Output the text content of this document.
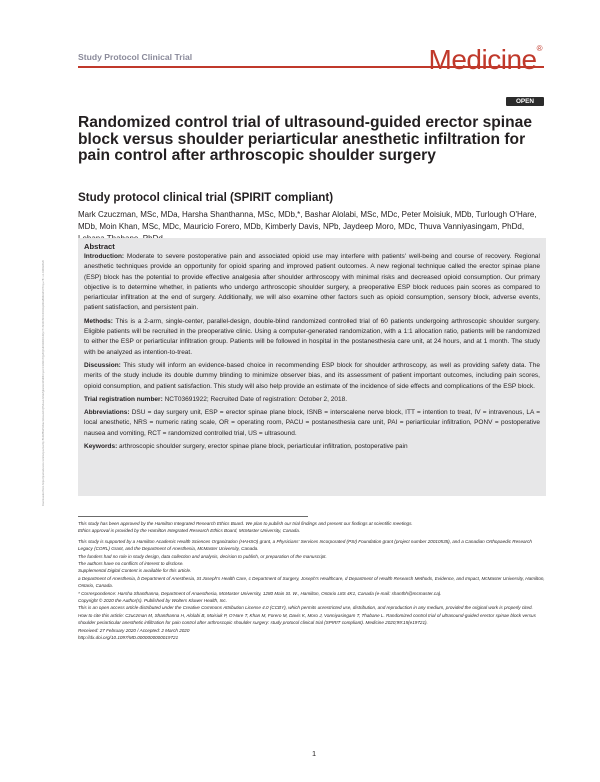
Downloaded from https://journals.lww.com/md-journal by BhDMf5ePHKav1zEoum1tQfN4a+kJLhEZgbsIHo4XMi0hCywCX1AWnYQp/IlQrHD3i3D0OdRyi7TvSFl4Cf3VC4/OAVpDDa8KKGKV0Ymy+78= on 04/04/2020
Study Protocol Clinical Trial	Medicine®
OPEN
Randomized control trial of ultrasound-guided erector spinae block versus shoulder periarticular anesthetic infiltration for pain control after arthroscopic shoulder surgery
Study protocol clinical trial (SPIRIT compliant)
Mark Czuczman, MSc, MDa, Harsha Shanthanna, MSc, MDb,*, Bashar Alolabi, MSc, MDc, Peter Moisiuk, MDb, Turlough O'Hare, MDb, Moin Khan, MSc, MDc, Mauricio Forero, MDb, Kimberly Davis, NPb, Jaydeep Moro, MDc, Thuva Vanniyasingam, PhDd,
Abstract
Introduction: Moderate to severe postoperative pain and associated opioid use may interfere with patients' well-being and course of recovery. Regional anesthetic techniques provide an opportunity for opioid sparing and improved patient outcomes. A new regional technique called the erector spinae plane (ESP) block has the potential to provide effective analgesia after shoulder arthroscopy with minimal risks and decreased opioid consumption. Our primary objective is to determine whether, in patients who undergo arthroscopic shoulder surgery, a preoperative ESP block reduces pain scores as compared to periarticular infiltration at the end of surgery. Additionally, we will also examine other factors such as opioid consumption, sensory block, adverse events, patient satisfaction, and persistent pain.
Methods: This is a 2-arm, single-center, parallel-design, double-blind randomized controlled trial of 60 patients undergoing arthroscopic shoulder surgery. Eligible patients will be recruited in the preoperative clinic. Using a computer-generated randomization, with a 1:1 allocation ratio, patients will be randomized to either the ESP or periarticular infiltration group. Patients will be followed in hospital in the postanesthesia care unit, at 24 hours, and at 1 month. The study with be analyzed as intention-to-treat.
Discussion: This study will inform an evidence-based choice in recommending ESP block for shoulder arthroscopy, as well as providing safety data. The merits of the study include its double dummy blinding to minimize observer bias, and its assessment of patient important outcomes, including pain scores, opioid consumption, and patient satisfaction. This study will also help provide an estimate of the incidence of side effects and complications of the ESP block.
Trial registration number: NCT03691922; Recruited Date of registration: October 2, 2018.
Abbreviations: DSU = day surgery unit, ESP = erector spinae plane block, ISNB = interscalene nerve block, ITT = intention to treat, IV = intravenous, LA = local anesthetic, NRS = numeric rating scale, OR = operating room, PACU = postanesthesia care unit, PAI = periarticular infiltration, PONV = postoperative nausea and vomiting, RCT = randomized controlled trial, US = ultrasound.
Keywords: arthroscopic shoulder surgery, erector spinae plane block, periarticular infiltration, postoperative pain
This study has been approved by the Hamilton Integrated Research Ethics Board. We plan to publish our trial findings and present our findings at scientific meetings.
Ethics approval is provided by the Hamilton Integrated Research Ethics Board, McMaster University, Canada.
This study is supported by a Hamilton Academic Health Sciences Organization (HAHSO) grant, a Physicians' Services Incorporated (PSI) Foundation grant (project number 20010535), and a Canadian Orthopaedic Research Legacy (CORL) Grant, and the Department of Anesthesia, McMaster University, Canada.
The funders had no role in study design, data collection and analysis, decision to publish, or preparation of the manuscript.
The authors have no conflicts of interest to disclose.
Supplemental Digital Content is available for this article.
a Department of Anesthesia, b Department of Anesthesia, St Joseph's Health Care, c Department of Surgery, Joseph's Healthcare, d Department of Health Research Methods, Evidence, and Impact, McMaster University, Hamilton, Ontario, Canada.
* Correspondence: Harsha Shanthanna, Department of Anaesthesia, McMaster University, 1280 Main St. W., Hamilton, Ontario L8S 4K1, Canada (e-mail: shanthh@mcmaster.ca).
Copyright © 2020 the Author(s). Published by Wolters Kluwer Health, Inc.
This is an open access article distributed under the Creative Commons Attribution License 4.0 (CCBY), which permits unrestricted use, distribution, and reproduction in any medium, provided the original work is properly cited.
How to cite this article: Czuczman M, Shanthanna H, Alolabi B, Moisiuk P, O'Hare T, Khan M, Forero M, Davis K, Moro J, Vanniyasingam T, Thabane L. Randomized control trial of ultrasound-guided erector spinae block versus shoulder periarticular anesthetic infiltration for pain control after arthroscopic shoulder surgery: study protocol clinical trial (SPIRIT compliant). Medicine 2020;99:15(e19721).
Received: 27 February 2020 / Accepted: 2 March 2020
http://dx.doi.org/10.1097/MD.0000000000019721
1
